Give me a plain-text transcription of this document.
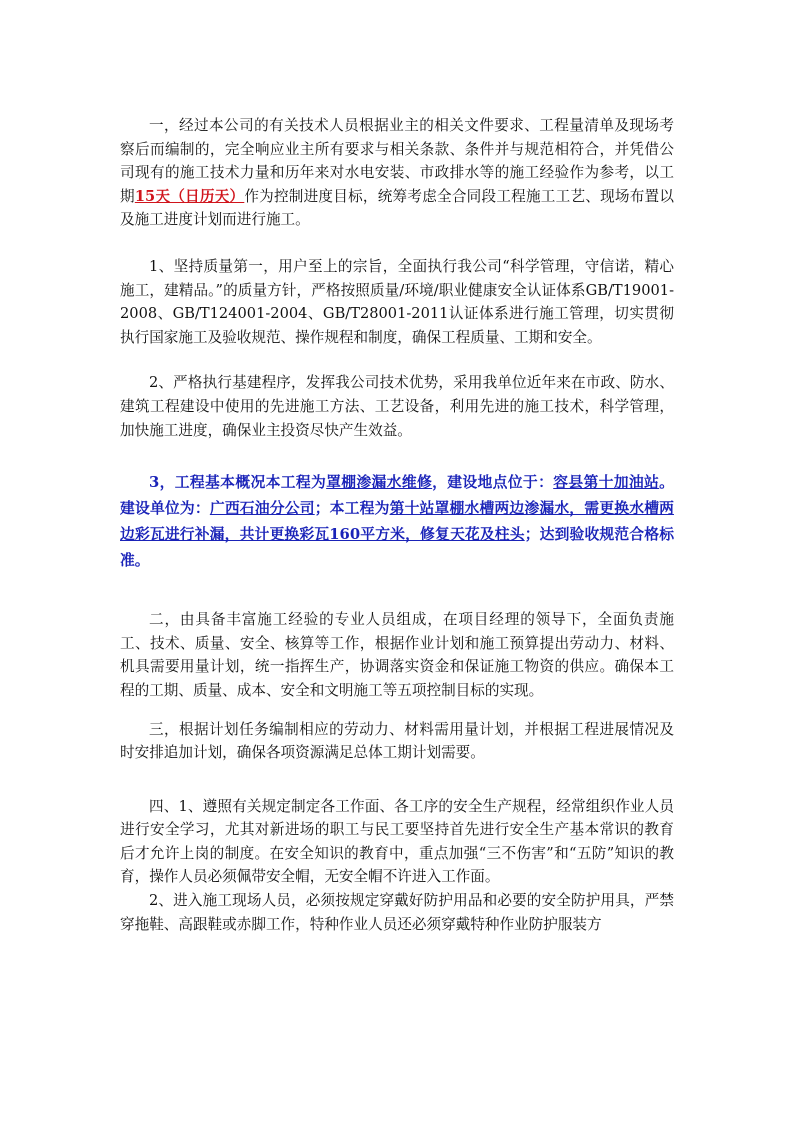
一，经过本公司的有关技术人员根据业主的相关文件要求、工程量清单及现场考察后而编制的，完全响应业主所有要求与相关条款、条件并与规范相符合，并凭借公司现有的施工技术力量和历年来对水电安装、市政排水等的施工经验作为参考，以工期15天（日历天）作为控制进度目标，统筹考虑全合同段工程施工工艺、现场布置以及施工进度计划而进行施工。

1、坚持质量第一，用户至上的宗旨，全面执行我公司“科学管理，守信诺，精心施工，建精品。”的质量方针，严格按照质量/环境/职业健康安全认证体系GB/T19001-2008、GB/T124001-2004、GB/T28001-2011认证体系进行施工管理，切实贯彻执行国家施工及验收规范、操作规程和制度，确保工程质量、工期和安全。

2、严格执行基建程序，发挥我公司技术优势，采用我单位近年来在市政、防水、建筑工程建设中使用的先进施工方法、工艺设备，利用先进的施工技术，科学管理，加快施工进度，确保业主投资尽快产生效益。

3，工程基本概况本工程为罩棚渗漏水维修，建设地点位于：容县第十加油站。建设单位为：广西石油分公司；本工程为第十站罩棚水槽两边渗漏水，需更换水槽两边彩瓦进行补漏，共计更换彩瓦160平方米，修复天花及柱头；达到验收规范合格标准。

二，由具备丰富施工经验的专业人员组成，在项目经理的领导下，全面负责施工、技术、质量、安全、核算等工作，根据作业计划和施工预算提出劳动力、材料、机具需要用量计划，统一指挥生产，协调落实资金和保证施工物资的供应。确保本工程的工期、质量、成本、安全和文明施工等五项控制目标的实现。

三，根据计划任务编制相应的劳动力、材料需用量计划，并根据工程进展情况及时安排追加计划，确保各项资源满足总体工期计划需要。

四、1、遵照有关规定制定各工作面、各工序的安全生产规程，经常组织作业人员进行安全学习，尤其对新进场的职工与民工要坚持首先进行安全生产基本常识的教育后才允许上岗的制度。在安全知识的教育中，重点加强“三不伤害”和“五防”知识的教育，操作人员必须佩带安全帽，无安全帽不许进入工作面。

2、进入施工现场人员，必须按规定穿戴好防护用品和必要的安全防护用具，严禁穿拖鞋、高跟鞋或赤脚工作，特种作业人员还必须穿戴特种作业防护服装方
